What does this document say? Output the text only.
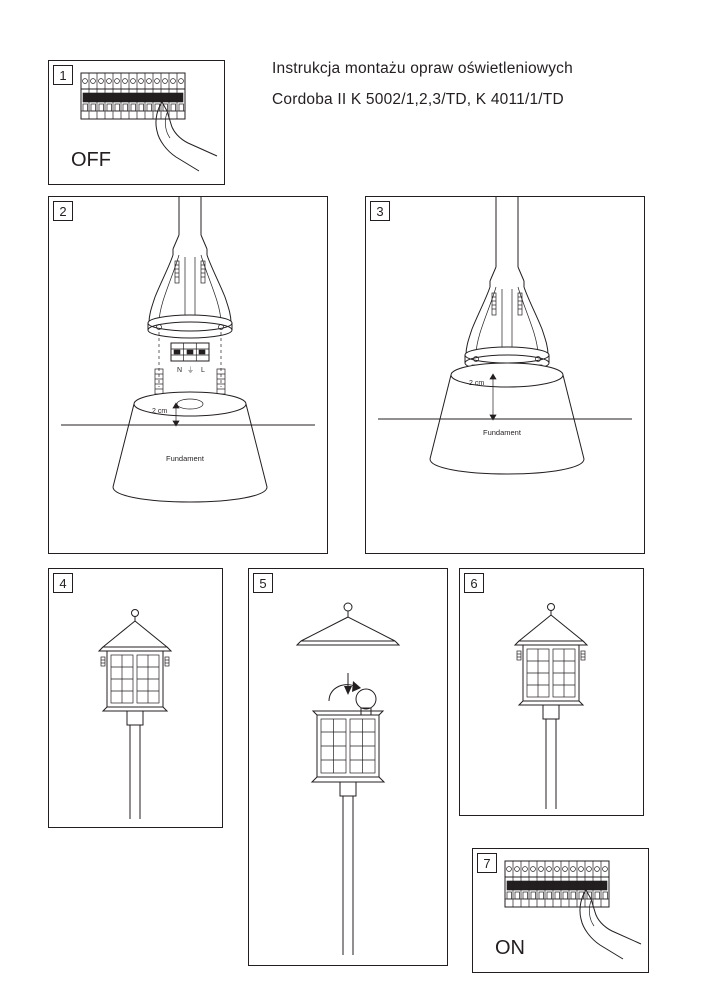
Instrukcja montażu opraw oświetleniowych
Cordoba II K 5002/1,2,3/TD, K 4011/1/TD
OFF
1
N ⏚ L
Fundament
2 cm
2
Fundament
2 cm
3
4	5	6
ON
7
